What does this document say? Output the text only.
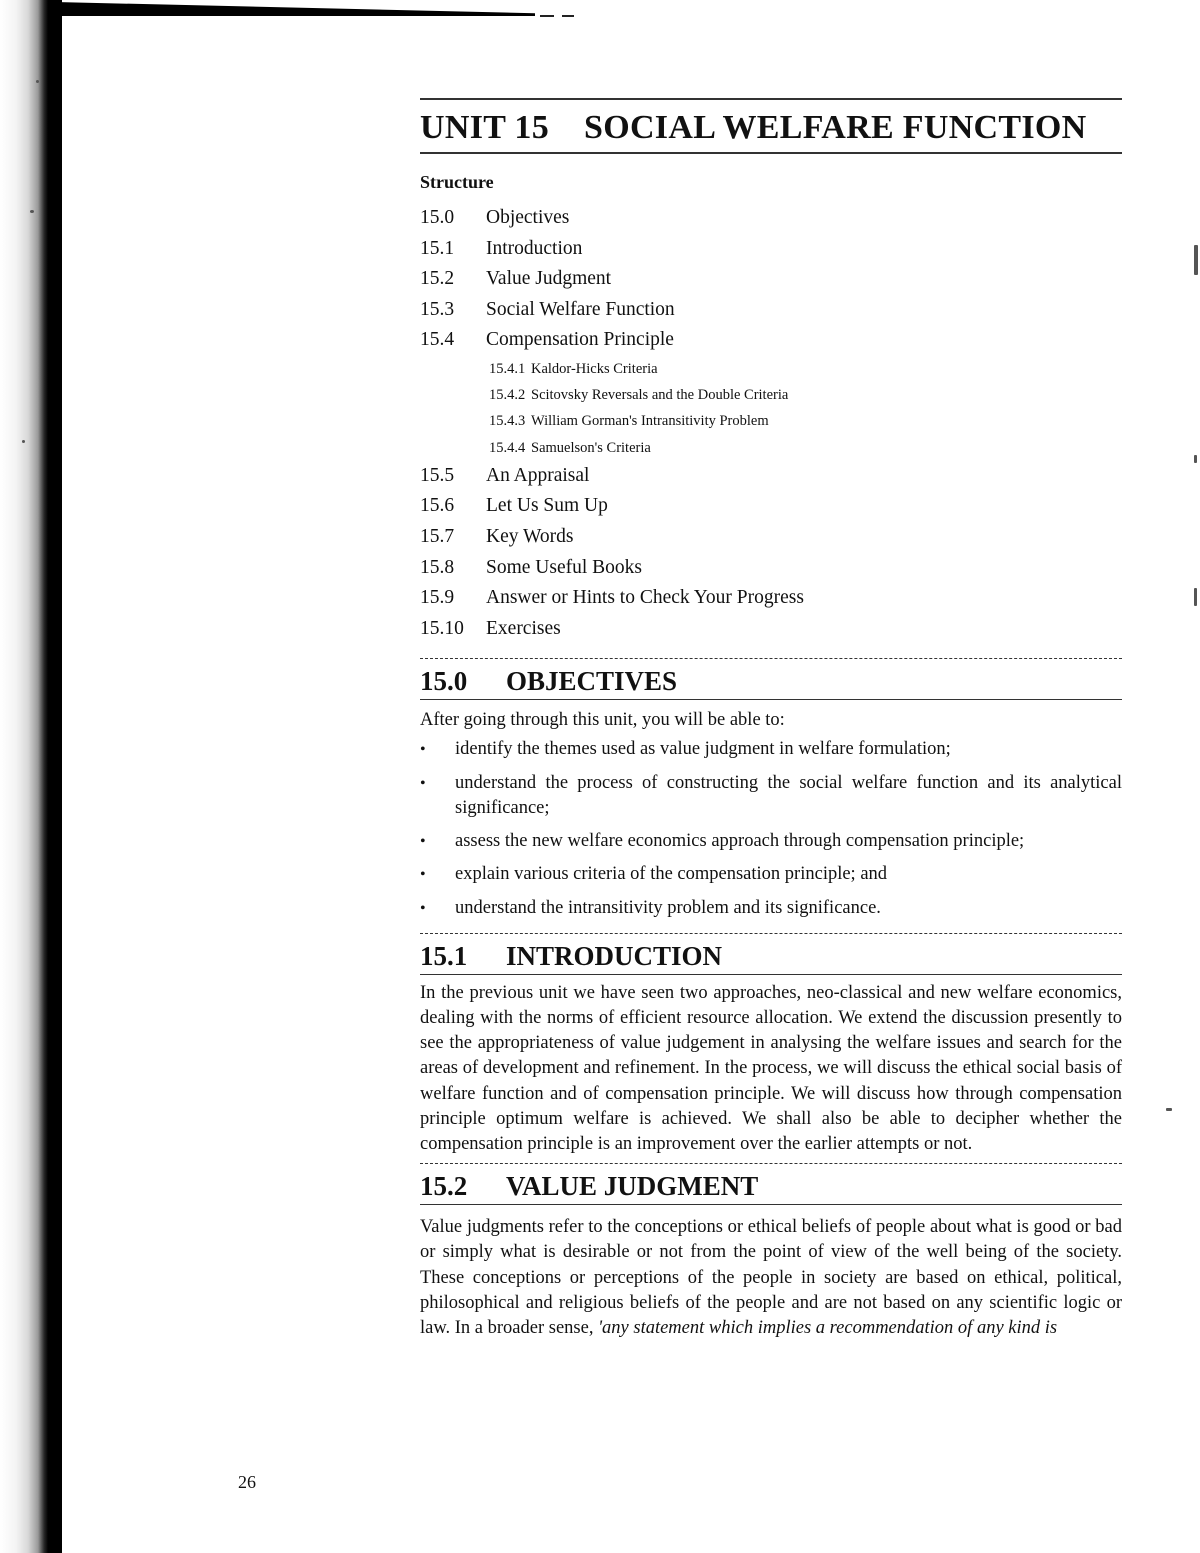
UNIT 15 SOCIAL WELFARE FUNCTION
Structure
15.0	Objectives
15.1	Introduction
15.2	Value Judgment
15.3	Social Welfare Function
15.4	Compensation Principle
15.4.1 Kaldor-Hicks Criteria
15.4.2 Scitovsky Reversals and the Double Criteria
15.4.3 William Gorman's Intransitivity Problem
15.4.4 Samuelson's Criteria
15.5	An Appraisal
15.6	Let Us Sum Up
15.7	Key Words
15.8	Some Useful Books
15.9	Answer or Hints to Check Your Progress
15.10	Exercises
15.0 OBJECTIVES

After going through this unit, you will be able to:

• identify the themes used as value judgment in welfare formulation;
• understand the process of constructing the social welfare function and its analytical significance;
• assess the new welfare economics approach through compensation principle;
• explain various criteria of the compensation principle; and
• understand the intransitivity problem and its significance.
15.1 INTRODUCTION

In the previous unit we have seen two approaches, neo-classical and new welfare economics, dealing with the norms of efficient resource allocation. We extend the discussion presently to see the appropriateness of value judgement in analysing the welfare issues and search for the areas of development and refinement. In the process, we will discuss the ethical social basis of welfare function and of compensation principle. We will discuss how through compensation principle optimum welfare is achieved. We shall also be able to decipher whether the compensation principle is an improvement over the earlier attempts or not.

15.2 VALUE JUDGMENT

Value judgments refer to the conceptions or ethical beliefs of people about what is good or bad or simply what is desirable or not from the point of view of the well being of the society. These conceptions or perceptions of the people in society are based on ethical, political, philosophical and religious beliefs of the people and are not based on any scientific logic or law. In a broader sense, 'any statement which implies a recommendation of any kind is

26
